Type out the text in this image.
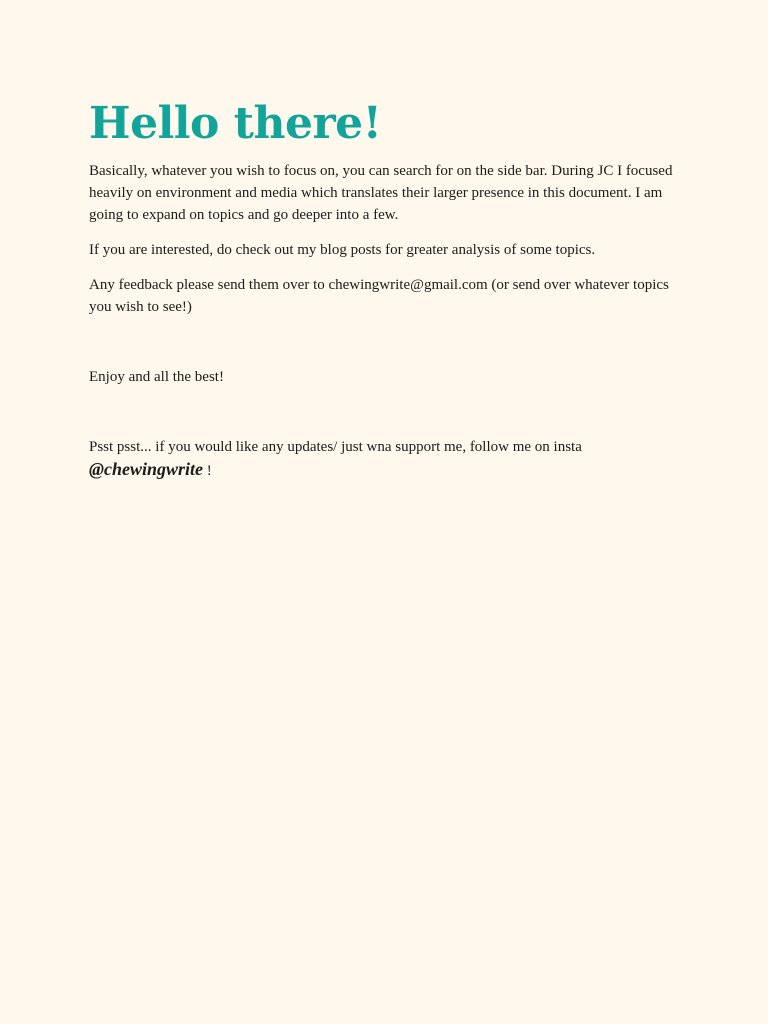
Hello there!

Basically, whatever you wish to focus on, you can search for on the side bar. During JC I focused heavily on environment and media which translates their larger presence in this document. I am going to expand on topics and go deeper into a few.

If you are interested, do check out my blog posts for greater analysis of some topics.

Any feedback please send them over to chewingwrite@gmail.com (or send over whatever topics you wish to see!)

Enjoy and all the best!

Psst psst... if you would like any updates/ just wna support me, follow me on insta
@chewingwrite !
